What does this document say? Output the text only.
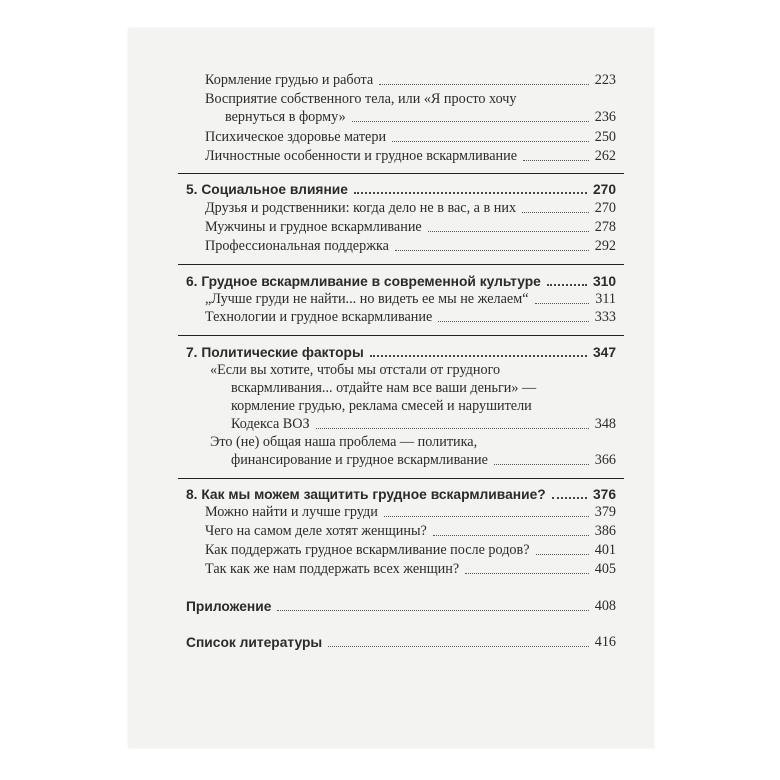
Кормление грудью и работа	223
Восприятие собственного тела, или «Я просто хочу
вернуться в форму»	236
Психическое здоровье матери	250
Личностные особенности и грудное вскармливание	262
5. Социальное влияние	270
Друзья и родственники: когда дело не в вас, а в них	270
Мужчины и грудное вскармливание	278
Профессиональная поддержка	292
6. Грудное вскармливание в современной культуре	310
„Лучше груди не найти... но видеть ее мы не желаем“	311
Технологии и грудное вскармливание	333
7. Политические факторы	347
«Если вы хотите, чтобы мы отстали от грудного
вскармливания... отдайте нам все ваши деньги» —
кормление грудью, реклама смесей и нарушители
Кодекса ВОЗ	348
Это (не) общая наша проблема — политика,
финансирование и грудное вскармливание	366
8. Как мы можем защитить грудное вскармливание?	376
Можно найти и лучше груди	379
Чего на самом деле хотят женщины?	386
Как поддержать грудное вскармливание после родов?	401
Так как же нам поддержать всех женщин?	405
Приложение	408
Список литературы	416
